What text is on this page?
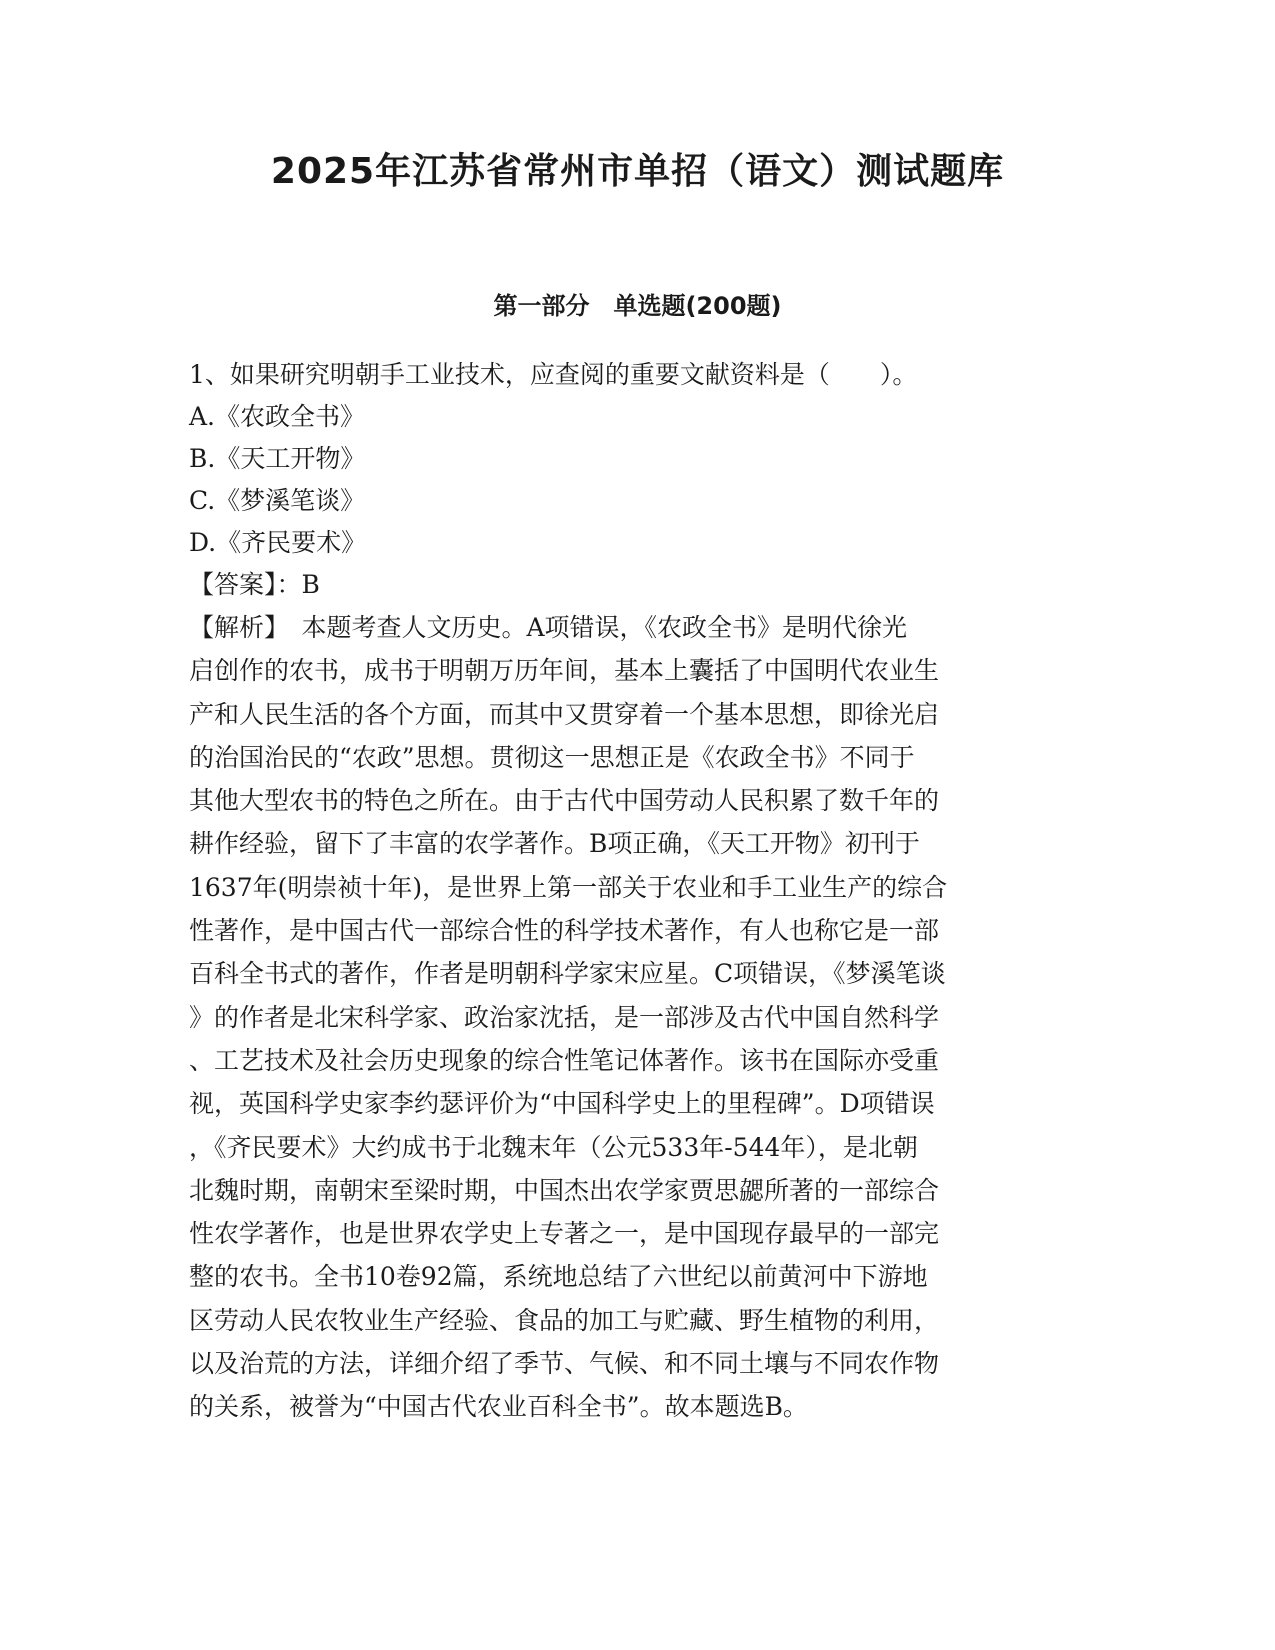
2025年江苏省常州市单招（语文）测试题库
第一部分　单选题(200题)
1、如果研究明朝手工业技术，应查阅的重要文献资料是（　　）。
A.《农政全书》
B.《天工开物》
C.《梦溪笔谈》
D.《齐民要术》
【答案】：B
【解析】　本题考查人文历史。A项错误，《农政全书》是明代徐光
启创作的农书，成书于明朝万历年间，基本上囊括了中国明代农业生
产和人民生活的各个方面，而其中又贯穿着一个基本思想，即徐光启
的治国治民的“农政”思想。贯彻这一思想正是《农政全书》不同于
其他大型农书的特色之所在。由于古代中国劳动人民积累了数千年的
耕作经验，留下了丰富的农学著作。B项正确，《天工开物》初刊于
1637年(明崇祯十年)，是世界上第一部关于农业和手工业生产的综合
性著作，是中国古代一部综合性的科学技术著作，有人也称它是一部
百科全书式的著作，作者是明朝科学家宋应星。C项错误，《梦溪笔谈
》的作者是北宋科学家、政治家沈括，是一部涉及古代中国自然科学
、工艺技术及社会历史现象的综合性笔记体著作。该书在国际亦受重
视，英国科学史家李约瑟评价为“中国科学史上的里程碑”。D项错误
，《齐民要术》大约成书于北魏末年（公元533年-544年），是北朝
北魏时期，南朝宋至梁时期，中国杰出农学家贾思勰所著的一部综合
性农学著作，也是世界农学史上专著之一，是中国现存最早的一部完
整的农书。全书10卷92篇，系统地总结了六世纪以前黄河中下游地
区劳动人民农牧业生产经验、食品的加工与贮藏、野生植物的利用，
以及治荒的方法，详细介绍了季节、气候、和不同土壤与不同农作物
的关系，被誉为“中国古代农业百科全书”。故本题选B。
